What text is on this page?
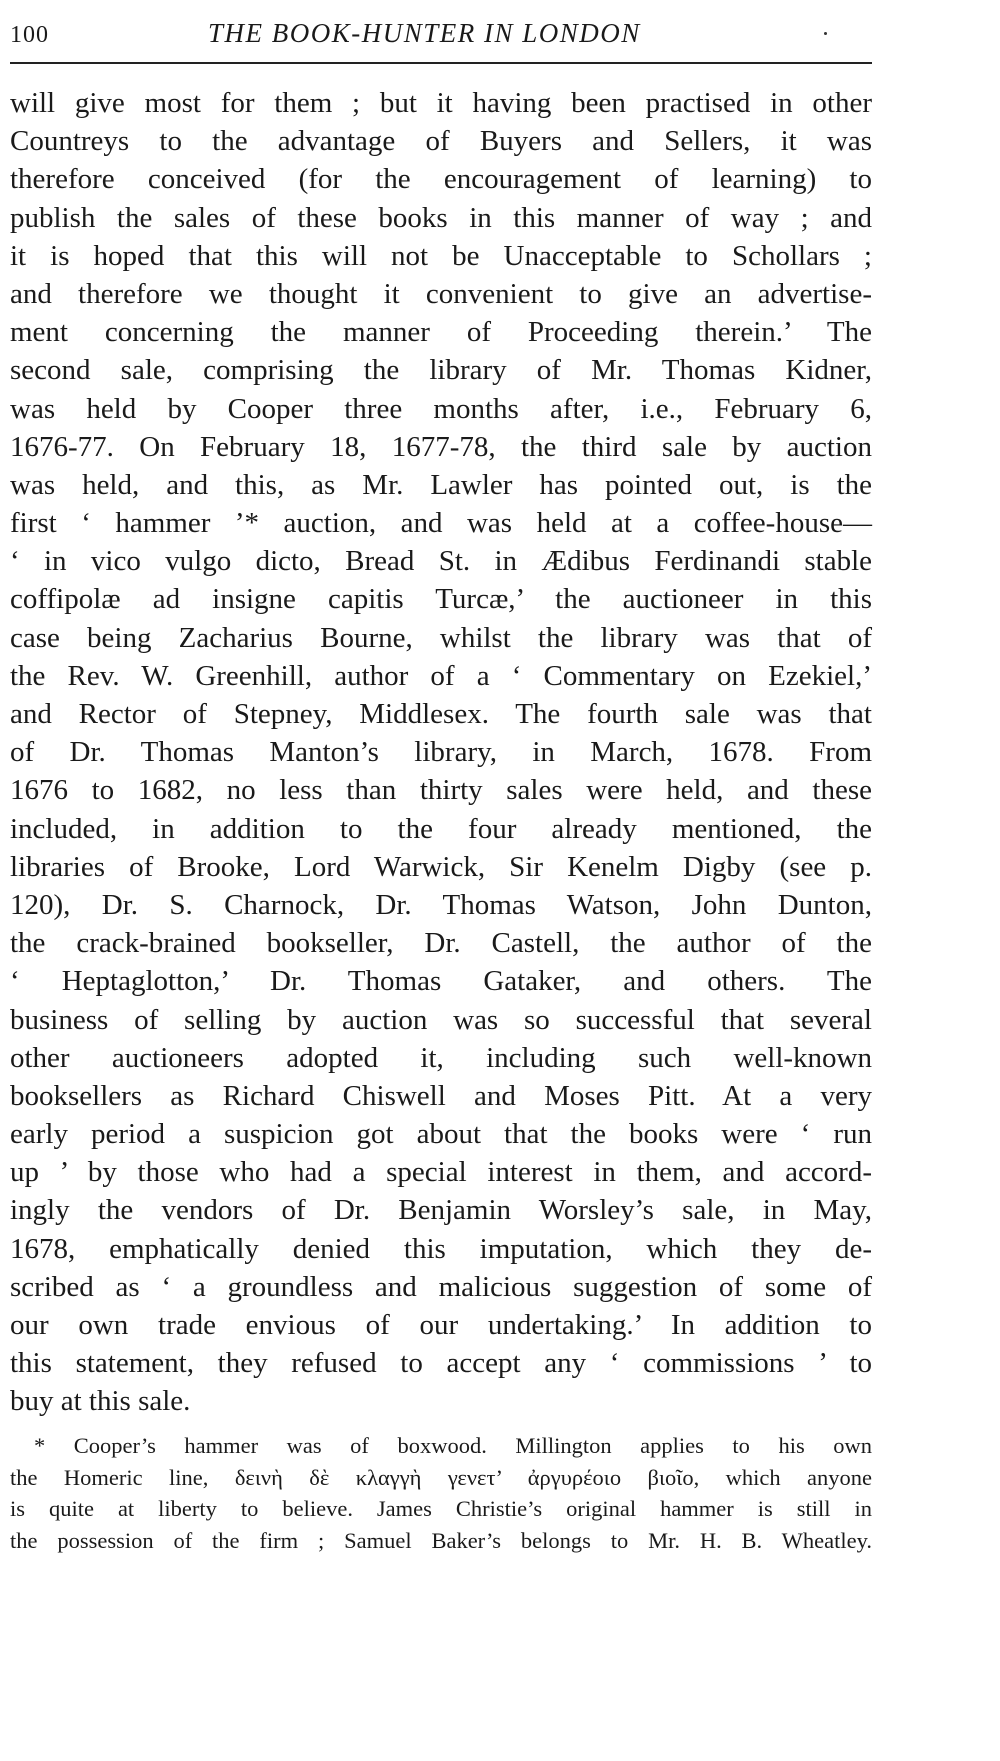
100	THE BOOK-HUNTER IN LONDON
will give most for them ; but it having been practised in other
Countreys to the advantage of Buyers and Sellers, it was
therefore conceived (for the encouragement of learning) to
publish the sales of these books in this manner of way ; and
it is hoped that this will not be Unacceptable to Schollars ;
and therefore we thought it convenient to give an advertise-
ment concerning the manner of Proceeding therein.’ The
second sale, comprising the library of Mr. Thomas Kidner,
was held by Cooper three months after, i.e., February 6,
1676-77. On February 18, 1677-78, the third sale by auction
was held, and this, as Mr. Lawler has pointed out, is the
first ‘ hammer ’* auction, and was held at a coffee-house—
‘ in vico vulgo dicto, Bread St. in Ædibus Ferdinandi stable
coffipolæ ad insigne capitis Turcæ,’ the auctioneer in this
case being Zacharius Bourne, whilst the library was that of
the Rev. W. Greenhill, author of a ‘ Commentary on Ezekiel,’
and Rector of Stepney, Middlesex. The fourth sale was that
of Dr. Thomas Manton’s library, in March, 1678. From
1676 to 1682, no less than thirty sales were held, and these
included, in addition to the four already mentioned, the
libraries of Brooke, Lord Warwick, Sir Kenelm Digby (see p.
120), Dr. S. Charnock, Dr. Thomas Watson, John Dunton,
the crack-brained bookseller, Dr. Castell, the author of the
‘ Heptaglotton,’ Dr. Thomas Gataker, and others. The
business of selling by auction was so successful that several
other auctioneers adopted it, including such well-known
booksellers as Richard Chiswell and Moses Pitt. At a very
early period a suspicion got about that the books were ‘ run
up ’ by those who had a special interest in them, and accord-
ingly the vendors of Dr. Benjamin Worsley’s sale, in May,
1678, emphatically denied this imputation, which they de-
scribed as ‘ a groundless and malicious suggestion of some of
our own trade envious of our undertaking.’ In addition to
this statement, they refused to accept any ‘ commissions ’ to
buy at this sale.
* Cooper’s hammer was of boxwood. Millington applies to his own
the Homeric line, δεινὴ δὲ κλαγγὴ γενετ’ ἀργυρέοιο βιοῖο, which anyone
is quite at liberty to believe. James Christie’s original hammer is still in
the possession of the firm ; Samuel Baker’s belongs to Mr. H. B. Wheatley.
